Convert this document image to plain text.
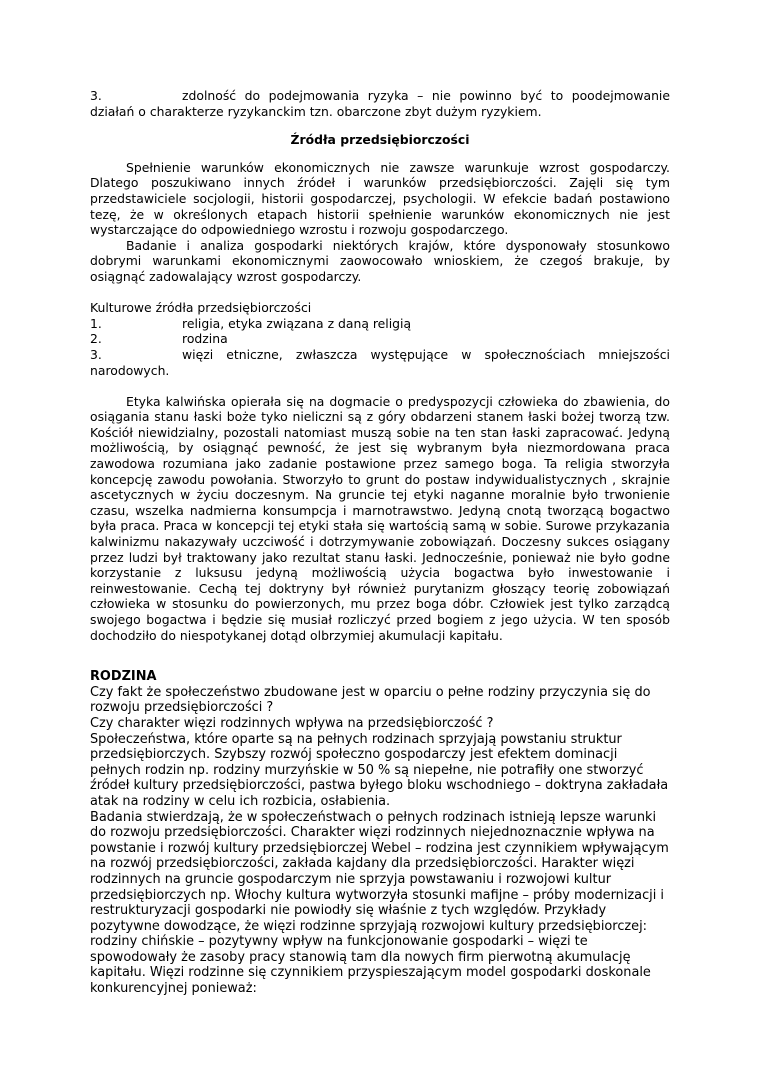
3.	zdolność do podejmowania ryzyka – nie powinno być to poodejmowanie działań o charakterze ryzykanckim tzn. obarczone zbyt dużym ryzykiem.

Źródła przedsiębiorczości

Spełnienie warunków ekonomicznych nie zawsze warunkuje wzrost gospodarczy. Dlatego poszukiwano innych źródeł i warunków przedsiębiorczości. Zajęli się tym przedstawiciele socjologii, historii gospodarczej, psychologii. W efekcie badań postawiono tezę, że w określonych etapach historii spełnienie warunków ekonomicznych nie jest wystarczające do odpowiedniego wzrostu i rozwoju gospodarczego.

Badanie i analiza gospodarki niektórych krajów, które dysponowały stosunkowo dobrymi warunkami ekonomicznymi zaowocowało wnioskiem, że czegoś brakuje, by osiągnąć zadowalający wzrost gospodarczy.

Kulturowe źródła przedsiębiorczości

1.	religia, etyka związana z daną religią
2.	rodzina

3.	więzi etniczne, zwłaszcza występujące w społecznościach mniejszości narodowych.

Etyka kalwińska opierała się na dogmacie o predyspozycji człowieka do zbawienia, do osiągania stanu łaski boże tyko nieliczni są z góry obdarzeni stanem łaski bożej tworzą tzw. Kościół niewidzialny, pozostali natomiast muszą sobie na ten stan łaski zapracować. Jedyną możliwością, by osiągnąć pewność, że jest się wybranym była niezmordowana praca zawodowa rozumiana jako zadanie postawione przez samego boga. Ta religia stworzyła koncepcję zawodu powołania. Stworzyło to grunt do postaw indywidualistycznych , skrajnie ascetycznych w życiu doczesnym. Na gruncie tej etyki naganne moralnie było trwonienie czasu, wszelka nadmierna konsumpcja i marnotrawstwo. Jedyną cnotą tworzącą bogactwo była praca. Praca w koncepcji tej etyki stała się wartością samą w sobie. Surowe przykazania kalwinizmu nakazywały uczciwość i dotrzymywanie zobowiązań. Doczesny sukces osiągany przez ludzi był traktowany jako rezultat stanu łaski. Jednocześnie, ponieważ nie było godne korzystanie z luksusu jedyną możliwością użycia bogactwa było inwestowanie i reinwestowanie. Cechą tej doktryny był również purytanizm głoszący teorię zobowiązań człowieka w stosunku do powierzonych, mu przez boga dóbr. Człowiek jest tylko zarządcą swojego bogactwa i będzie się musiał rozliczyć przed bogiem z jego użycia. W ten sposób dochodziło do niespotykanej dotąd olbrzymiej akumulacji kapitału.

RODZINA

Czy fakt że społeczeństwo zbudowane jest w oparciu o pełne rodziny przyczynia się do rozwoju przedsiębiorczości ?

Czy charakter więzi rodzinnych wpływa na przedsiębiorczość ?

Społeczeństwa, które oparte są na pełnych rodzinach sprzyjają powstaniu struktur przedsiębiorczych. Szybszy rozwój społeczno gospodarczy jest efektem dominacji pełnych rodzin np. rodziny murzyńskie w 50 % są niepełne, nie potrafiły one stworzyć źródeł kultury przedsiębiorczości, pastwa byłego bloku wschodniego – doktryna zakładała atak na rodziny w celu ich rozbicia, osłabienia.

Badania stwierdzają, że w społeczeństwach o pełnych rodzinach istnieją lepsze warunki do rozwoju przedsiębiorczości. Charakter więzi rodzinnych niejednoznacznie wpływa na powstanie i rozwój kultury przedsiębiorczej Webel – rodzina jest czynnikiem wpływającym na rozwój przedsiębiorczości, zakłada kajdany dla przedsiębiorczości. Harakter więzi rodzinnych na gruncie gospodarczym nie sprzyja powstawaniu i rozwojowi kultur przedsiębiorczych np. Włochy kultura wytworzyła stosunki mafijne – próby modernizacji i restrukturyzacji gospodarki nie powiodły się właśnie z tych względów. Przykłady pozytywne dowodzące, że więzi rodzinne sprzyjają rozwojowi kultury przedsiębiorczej: rodziny chińskie – pozytywny wpływ na funkcjonowanie gospodarki – więzi te spowodowały że zasoby pracy stanowią tam dla nowych firm pierwotną akumulację kapitału. Więzi rodzinne się czynnikiem przyspieszającym model gospodarki doskonale konkurencyjnej ponieważ:
